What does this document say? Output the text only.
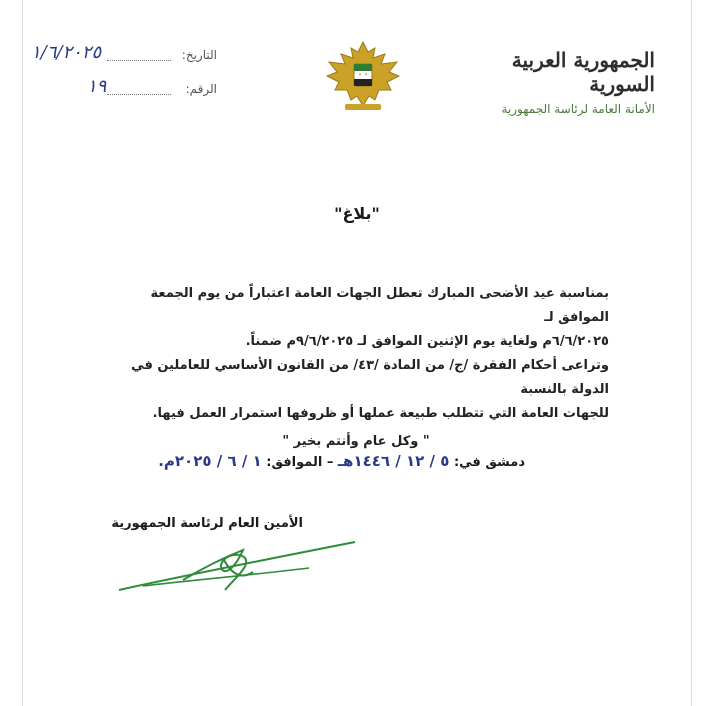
الجمهورية العربية السورية
الأمانة العامة لرئاسة الجمهورية
التاريخ:
١/٦/٢٠٢٥
الرقم:
١٩
"بلاغ"

بمناسبة عيد الأضحى المبارك تعطل الجهات العامة اعتباراً من يوم الجمعة الموافق لـ

٦/٦/٢٠٢٥م ولغاية يوم الإثنين الموافق لـ ٩/٦/٢٠٢٥م ضمناً.

وتراعى أحكام الفقرة /ج/ من المادة /٤٣/ من القانون الأساسي للعاملين في الدولة بالنسبة

للجهات العامة التي تتطلب طبيعة عملها أو ظروفها استمرار العمل فيها.

" وكل عام وأنتم بخير "

دمشق في: ٥ / ١٢ / ١٤٤٦هـ – الموافق: ١ / ٦ / ٢٠٢٥م.
الأمين العام لرئاسة الجمهورية
